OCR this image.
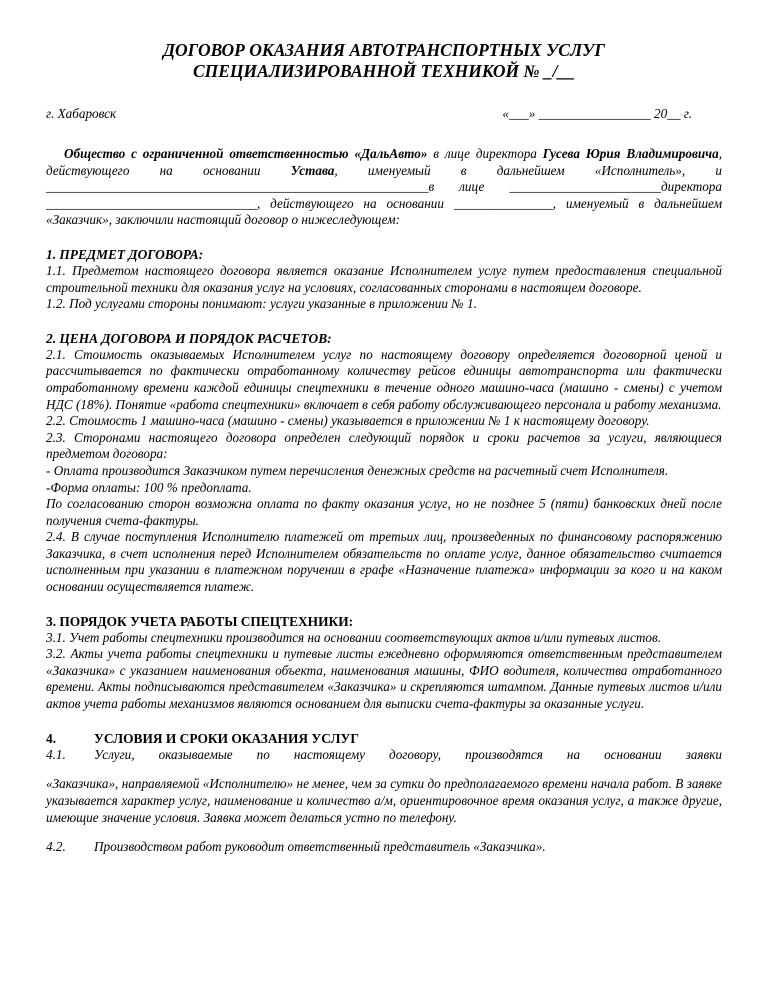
ДОГОВОР ОКАЗАНИЯ АВТОТРАНСПОРТНЫХ УСЛУГ

СПЕЦИАЛИЗИРОВАННОЙ ТЕХНИКОЙ № _/__

г. Хабаровск	«___» _________________ 20__ г.

Общество с ограниченной ответственностью «ДальАвто» в лице директора Гусева Юрия Владимировича, действующего на основании Устава, именуемый в дальнейшем «Исполнитель», и __________________________________________________________в лице _______________________директора ________________________________, действующего на основании _______________, именуемый в дальнейшем «Заказчик», заключили настоящий договор о нижеследующем:

1. ПРЕДМЕТ ДОГОВОРА:

1.1. Предметом настоящего договора является оказание Исполнителем услуг путем предоставления специальной строительной техники для оказания услуг на условиях, согласованных сторонами в настоящем договоре.

1.2. Под услугами стороны понимают: услуги указанные в приложении № 1.

2. ЦЕНА ДОГОВОРА И ПОРЯДОК РАСЧЕТОВ:

2.1. Стоимость оказываемых Исполнителем услуг по настоящему договору определяется договорной ценой и рассчитывается по фактически отработанному количеству рейсов единицы автотранспорта или фактически отработанному времени каждой единицы спецтехники в течение одного машино-часа (машино - смены) с учетом НДС (18%). Понятие «работа спецтехники» включает в себя работу обслуживающего персонала и работу механизма.

2.2. Стоимость 1 машино-часа (машино - смены) указывается в приложении № 1 к настоящему договору.

2.3. Сторонами настоящего договора определен следующий порядок и сроки расчетов за услуги, являющиеся предметом договора:

- Оплата производится Заказчиком путем перечисления денежных средств на расчетный счет Исполнителя.

-Форма оплаты: 100 % предоплата.

По согласованию сторон возможна оплата по факту оказания услуг, но не позднее 5 (пяти) банковских дней после получения счета-фактуры.

2.4. В случае поступления Исполнителю платежей от третьих лиц, произведенных по финансовому распоряжению Заказчика, в счет исполнения перед Исполнителем обязательств по оплате услуг, данное обязательство считается исполненным при указании в платежном поручении в графе «Назначение платежа» информации за кого и на каком основании осуществляется платеж.

3. ПОРЯДОК УЧЕТА РАБОТЫ СПЕЦТЕХНИКИ:

3.1. Учет работы спецтехники производится на основании соответствующих актов и/или путевых листов.

3.2. Акты учета работы спецтехники и путевые листы ежедневно оформляются ответственным представителем «Заказчика» с указанием наименования объекта, наименования машины, ФИО водителя, количества отработанного времени. Акты подписываются представителем «Заказчика» и скрепляются штампом. Данные путевых листов и/или актов учета работы механизмов являются основанием для выписки счета-фактуры за оказанные услуги.

4.	УСЛОВИЯ И СРОКИ ОКАЗАНИЯ УСЛУГ
4.1.	Услуги, оказываемые по настоящему договору, производятся на основании заявки

«Заказчика», направляемой «Исполнителю» не менее, чем за сутки до предполагаемого времени начала работ. В заявке указывается характер услуг, наименование и количество а/м, ориентировочное время оказания услуг, а также другие, имеющие значение условия. Заявка может делаться устно по телефону.

4.2.	Производством работ руководит ответственный представитель «Заказчика».
